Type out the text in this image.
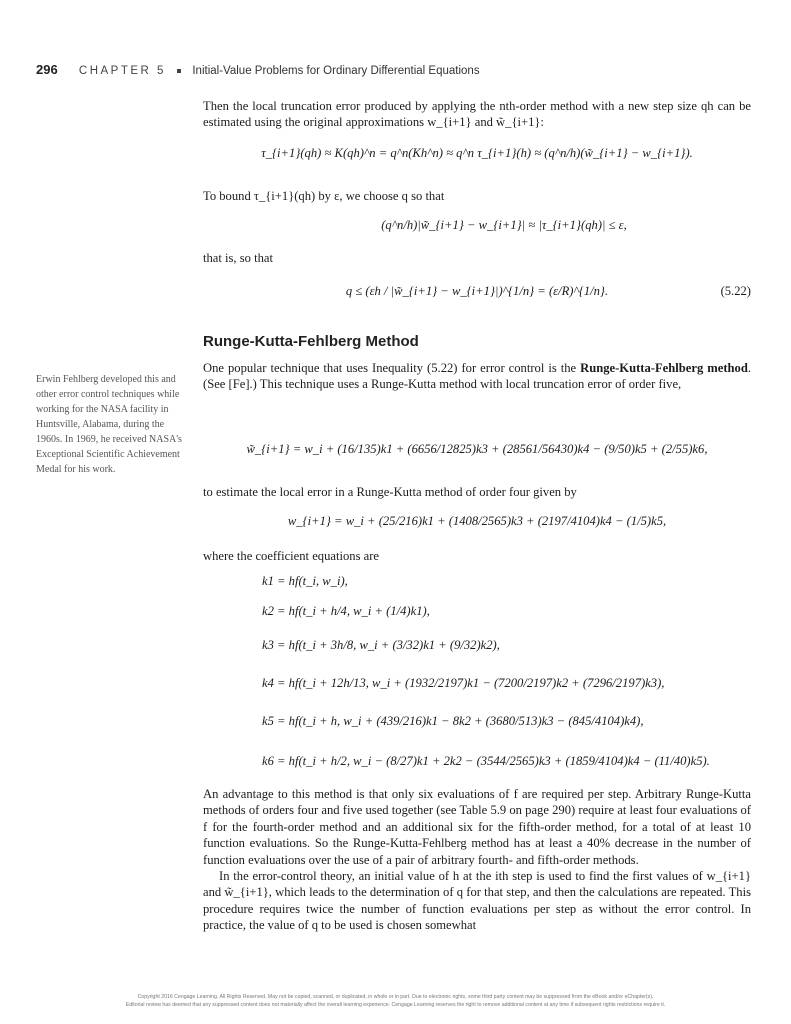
296 CHAPTER 5 Initial-Value Problems for Ordinary Differential Equations

Then the local truncation error produced by applying the nth-order method with a new step size qh can be estimated using the original approximations w_{i+1} and w̃_{i+1}:

τ_{i+1}(qh) ≈ K(qh)^n = q^n(Kh^n) ≈ q^n τ_{i+1}(h) ≈ (q^n/h)(w̃_{i+1} − w_{i+1}).

To bound τ_{i+1}(qh) by ε, we choose q so that

(q^n/h)|w̃_{i+1} − w_{i+1}| ≈ |τ_{i+1}(qh)| ≤ ε,

that is, so that

q ≤ (εh / |w̃_{i+1} − w_{i+1}|)^{1/n} = (ε/R)^{1/n}.	(5.22)
Runge-Kutta-Fehlberg Method
Erwin Fehlberg developed this and other error control techniques while working for the NASA facility in Huntsville, Alabama, during the 1960s. In 1969, he received NASA's Exceptional Scientific Achievement Medal for his work.

One popular technique that uses Inequality (5.22) for error control is the Runge-Kutta-Fehlberg method. (See [Fe].) This technique uses a Runge-Kutta method with local truncation error of order five,

w̃_{i+1} = w_i + (16/135)k1 + (6656/12825)k3 + (28561/56430)k4 − (9/50)k5 + (2/55)k6,

to estimate the local error in a Runge-Kutta method of order four given by

w_{i+1} = w_i + (25/216)k1 + (1408/2565)k3 + (2197/4104)k4 − (1/5)k5,

where the coefficient equations are

k1 = hf(t_i, w_i),
k2 = hf(t_i + h/4, w_i + (1/4)k1),
k3 = hf(t_i + 3h/8, w_i + (3/32)k1 + (9/32)k2),
k4 = hf(t_i + 12h/13, w_i + (1932/2197)k1 − (7200/2197)k2 + (7296/2197)k3),
k5 = hf(t_i + h, w_i + (439/216)k1 − 8k2 + (3680/513)k3 − (845/4104)k4),
k6 = hf(t_i + h/2, w_i − (8/27)k1 + 2k2 − (3544/2565)k3 + (1859/4104)k4 − (11/40)k5).

An advantage to this method is that only six evaluations of f are required per step. Arbitrary Runge-Kutta methods of orders four and five used together (see Table 5.9 on page 290) require at least four evaluations of f for the fourth-order method and an additional six for the fifth-order method, for a total of at least 10 function evaluations. So the Runge-Kutta-Fehlberg method has at least a 40% decrease in the number of function evaluations over the use of a pair of arbitrary fourth- and fifth-order methods.

In the error-control theory, an initial value of h at the ith step is used to find the first values of w_{i+1} and w̃_{i+1}, which leads to the determination of q for that step, and then the calculations are repeated. This procedure requires twice the number of function evaluations per step as without the error control. In practice, the value of q to be used is chosen somewhat

Copyright 2016 Cengage Learning. All Rights Reserved. May not be copied, scanned, or duplicated, in whole or in part. Due to electronic rights, some third party content may be suppressed from the eBook and/or eChapter(s).
Editorial review has deemed that any suppressed content does not materially affect the overall learning experience. Cengage Learning reserves the right to remove additional content at any time if subsequent rights restrictions require it.
